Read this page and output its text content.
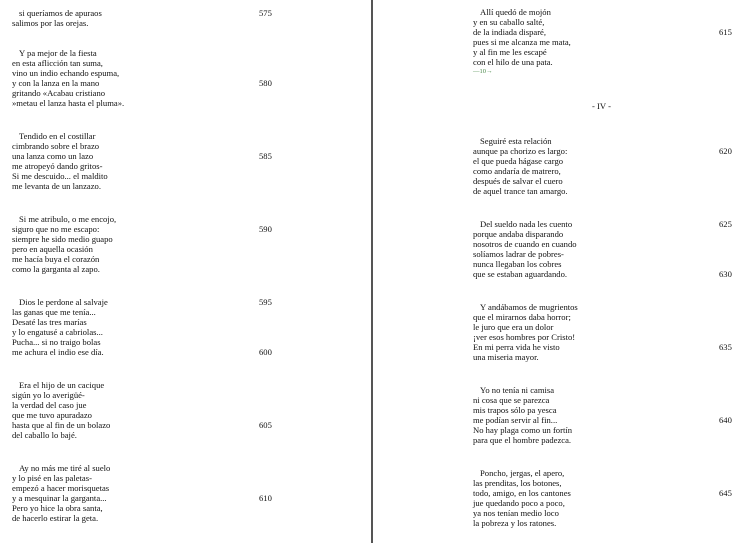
si queríamos de apuraos
salimos por las orejas.
575
Y pa mejor de la fiesta
en esta aflicción tan suma,
vino un indio echando espuma,
y con la lanza en la mano
gritando «Acabau cristiano
»metau el lanza hasta el pluma».
580
Tendido en el costillar
cimbrando sobre el brazo
una lanza como un lazo
me atropeyó dando gritos-
Si me descuido... el maldito
me levanta de un lanzazo.
585
Si me atribulo, o me encojo,
siguro que no me escapo:
siempre he sido medio guapo
pero en aquella ocasión
me hacía buya el corazón
como la garganta al zapo.
590
Dios le perdone al salvaje
las ganas que me tenía...
Desaté las tres marías
y lo engatusé a cabriolas...
Pucha... si no traigo bolas
me achura el indio ese día.
595
600
Era el hijo de un cacique
sigún yo lo averigüé-
la verdad del caso jue
que me tuvo apuradazo
hasta que al fin de un bolazo
del caballo lo bajé.
605
Ay no más me tiré al suelo
y lo pisé en las paletas-
empezó a hacer morisquetas
y a mesquinar la garganta...
Pero yo hice la obra santa,
de hacerlo estirar la geta.
610
Allí quedó de mojón
y en su caballo salté,
de la indiada disparé,
pues si me alcanza me mata,
y al fin me les escapé
con el hilo de una pata.
615
—10→
Seguiré esta relación
aunque pa chorizo es largo:
el que pueda hágase cargo
como andaría de matrero,
después de salvar el cuero
de aquel trance tan amargo.
620
Del sueldo nada les cuento
porque andaba disparando
nosotros de cuando en cuando
solíamos ladrar de pobres-
nunca llegaban los cobres
que se estaban aguardando.
625
630
Y andábamos de mugrientos
que el mirarnos daba horror;
le juro que era un dolor
¡ver esos hombres por Cristo!
En mi perra vida he visto
una miseria mayor.
635
Yo no tenía ni camisa
ni cosa que se parezca
mis trapos sólo pa yesca
me podían servir al fin...
No hay plaga como un fortín
para que el hombre padezca.
640
Poncho, jergas, el apero,
las prenditas, los botones,
todo, amigo, en los cantones
jue quedando poco a poco,
ya nos tenían medio loco
la pobreza y los ratones.
645
- IV -
